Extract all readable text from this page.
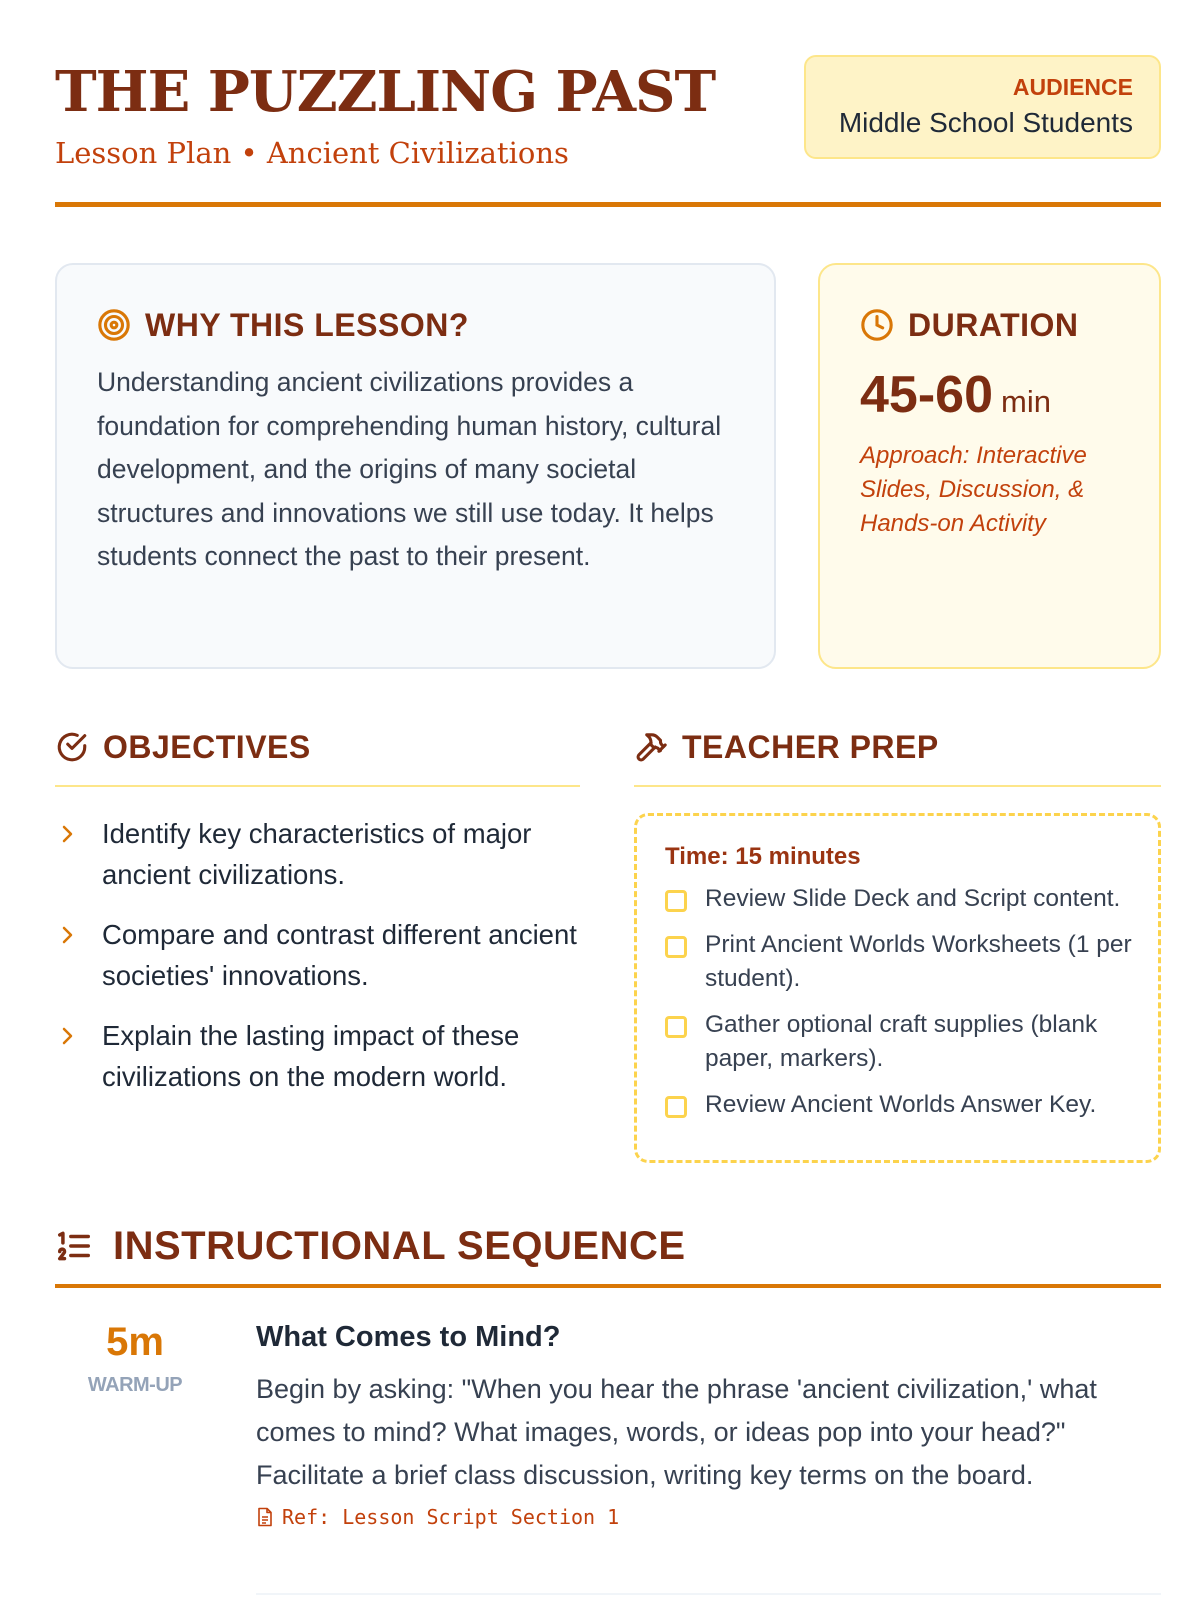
THE PUZZLING PAST
Lesson Plan • Ancient Civilizations
AUDIENCE
Middle School Students
WHY THIS LESSON?

Understanding ancient civilizations provides a foundation for comprehending human history, cultural development, and the origins of many societal structures and innovations we still use today. It helps students connect the past to their present.

DURATION
45-60 min

Approach: Interactive Slides, Discussion, & Hands-on Activity

OBJECTIVES
Identify key characteristics of major ancient civilizations.
Compare and contrast different ancient societies' innovations.
Explain the lasting impact of these civilizations on the modern world.
TEACHER PREP
Time: 15 minutes
Review Slide Deck and Script content.
Print Ancient Worlds Worksheets (1 per student).
Gather optional craft supplies (blank paper, markers).
Review Ancient Worlds Answer Key.
INSTRUCTIONAL SEQUENCE
5m
WARM-UP
What Comes to Mind?

Begin by asking: "When you hear the phrase 'ancient civilization,' what comes to mind? What images, words, or ideas pop into your head?" Facilitate a brief class discussion, writing key terms on the board.

Ref: Lesson Script Section 1
